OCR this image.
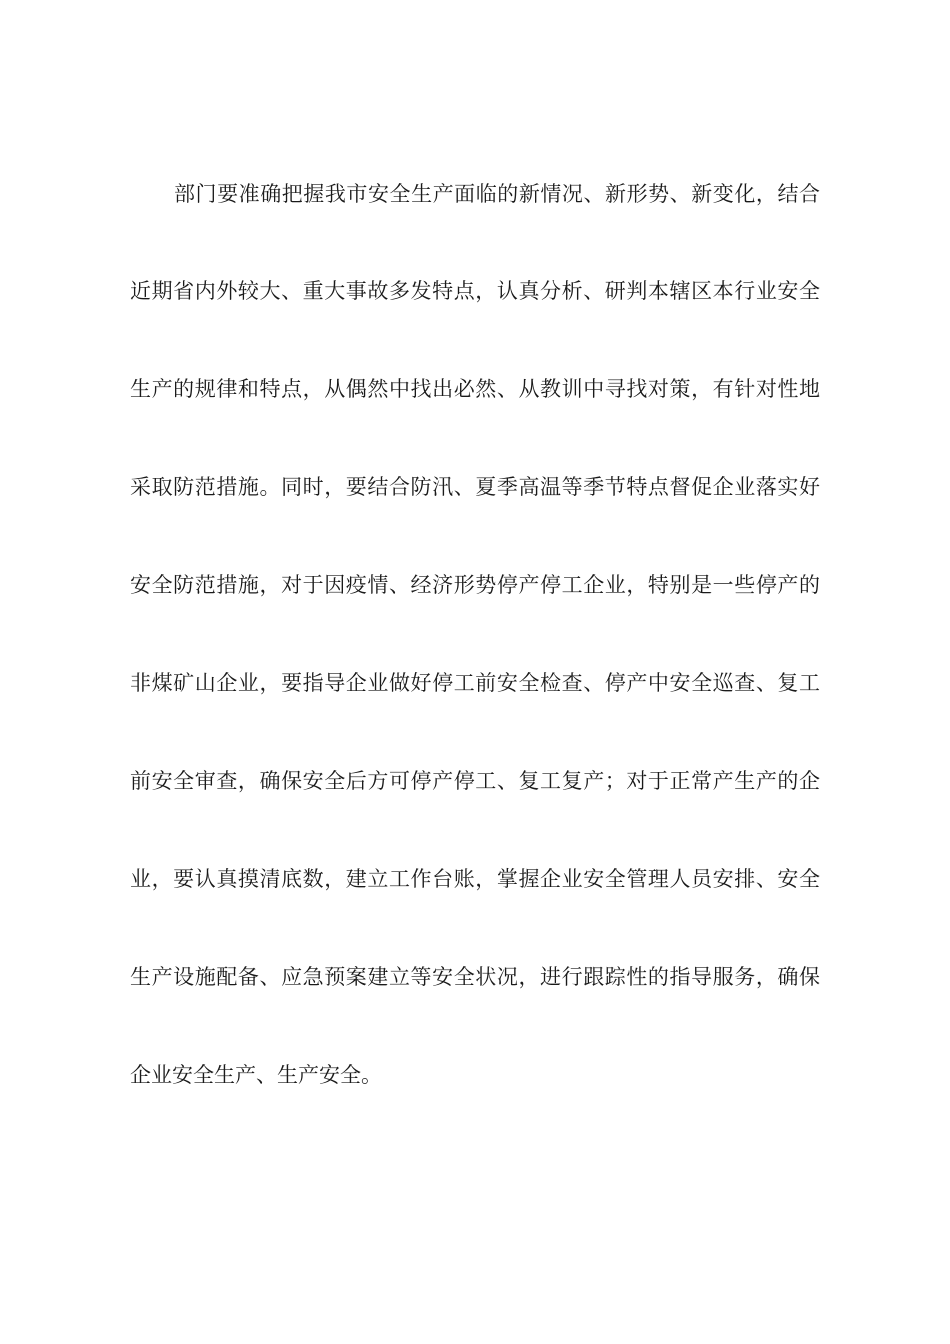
部门要准确把握我市安全生产面临的新情况、新形势、新变化，结合
近期省内外较大、重大事故多发特点，认真分析、研判本辖区本行业安全
生产的规律和特点，从偶然中找出必然、从教训中寻找对策，有针对性地
采取防范措施。同时，要结合防汛、夏季高温等季节特点督促企业落实好
安全防范措施，对于因疫情、经济形势停产停工企业，特别是一些停产的
非煤矿山企业，要指导企业做好停工前安全检查、停产中安全巡查、复工
前安全审查，确保安全后方可停产停工、复工复产；对于正常产生产的企
业，要认真摸清底数，建立工作台账，掌握企业安全管理人员安排、安全
生产设施配备、应急预案建立等安全状况，进行跟踪性的指导服务，确保
企业安全生产、生产安全。
